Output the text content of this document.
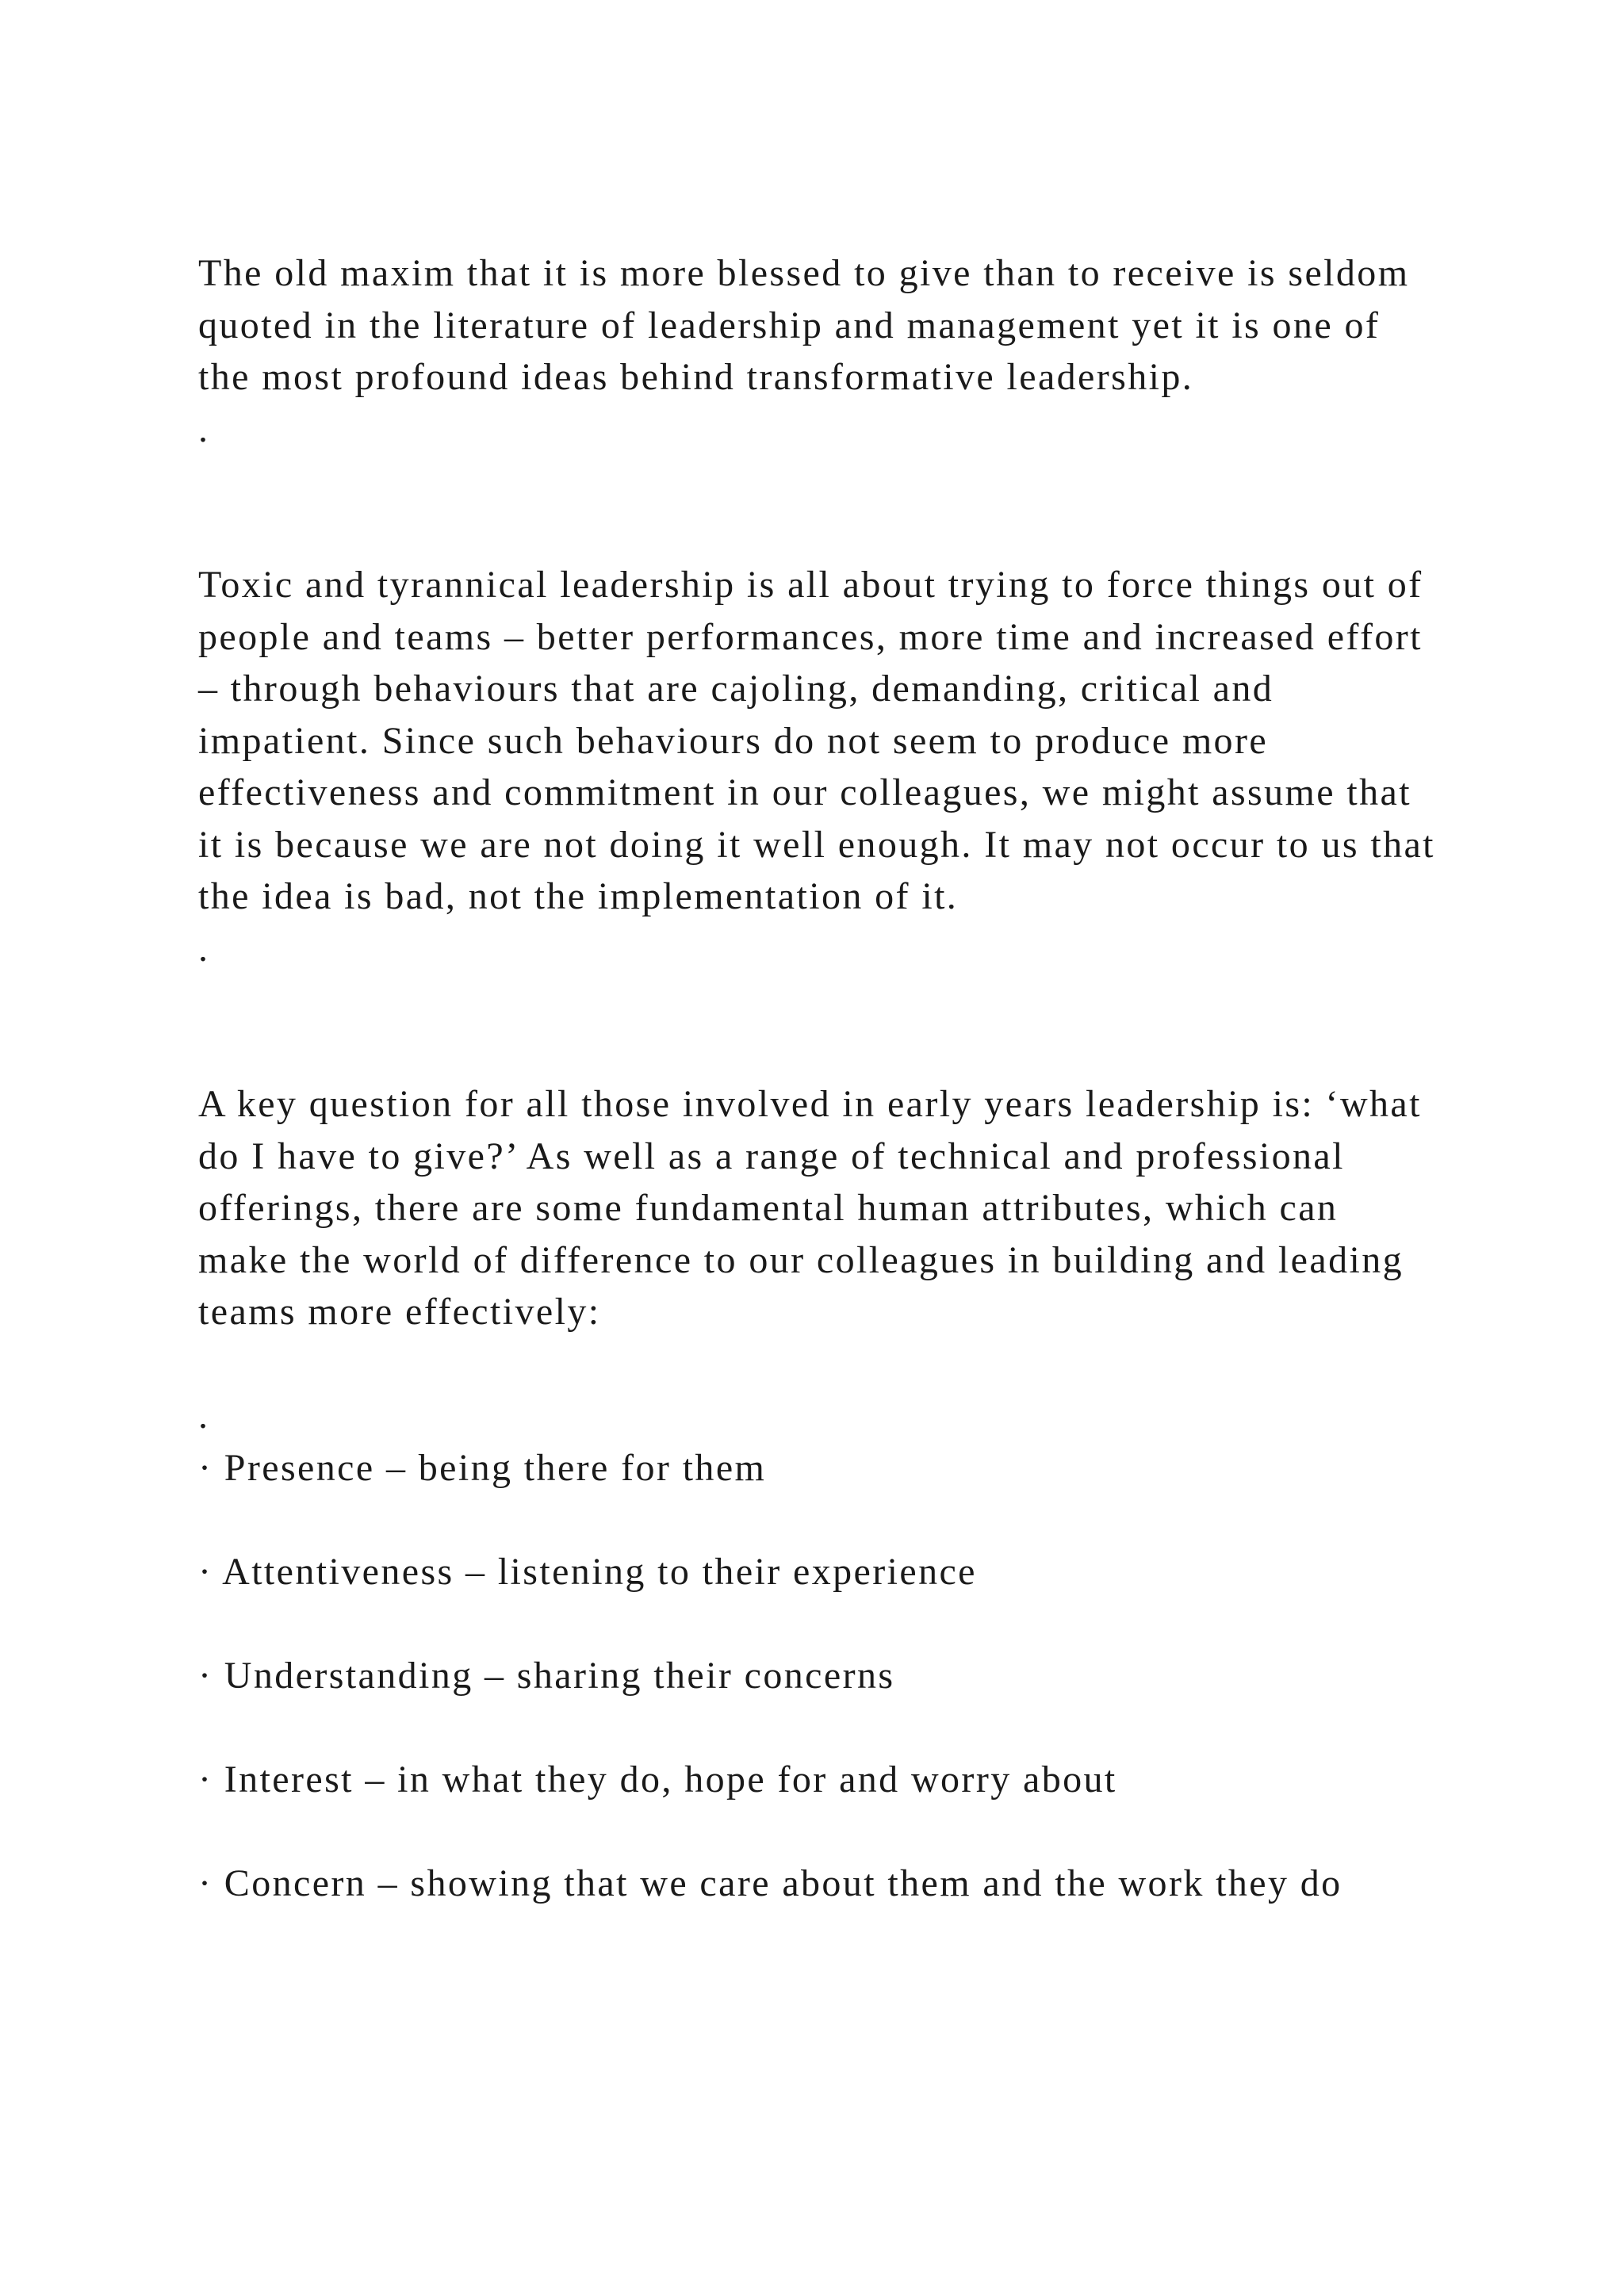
The old maxim that it is more blessed to give than to receive is seldom quoted in the literature of leadership and management yet it is one of the most profound ideas behind transformative leadership.

.

Toxic and tyrannical leadership is all about trying to force things out of people and teams – better performances, more time and increased effort – through behaviours that are cajoling, demanding, critical and impatient. Since such behaviours do not seem to produce more effectiveness and commitment in our colleagues, we might assume that it is because we are not doing it well enough. It may not occur to us that the idea is bad, not the implementation of it.

.

A key question for all those involved in early years leadership is: ‘what do I have to give?’ As well as a range of technical and professional offerings, there are some fundamental human attributes, which can make the world of difference to our colleagues in building and leading teams more effectively:

.

· Presence – being there for them
· Attentiveness – listening to their experience
· Understanding – sharing their concerns
· Interest – in what they do, hope for and worry about
· Concern – showing that we care about them and the work they do
